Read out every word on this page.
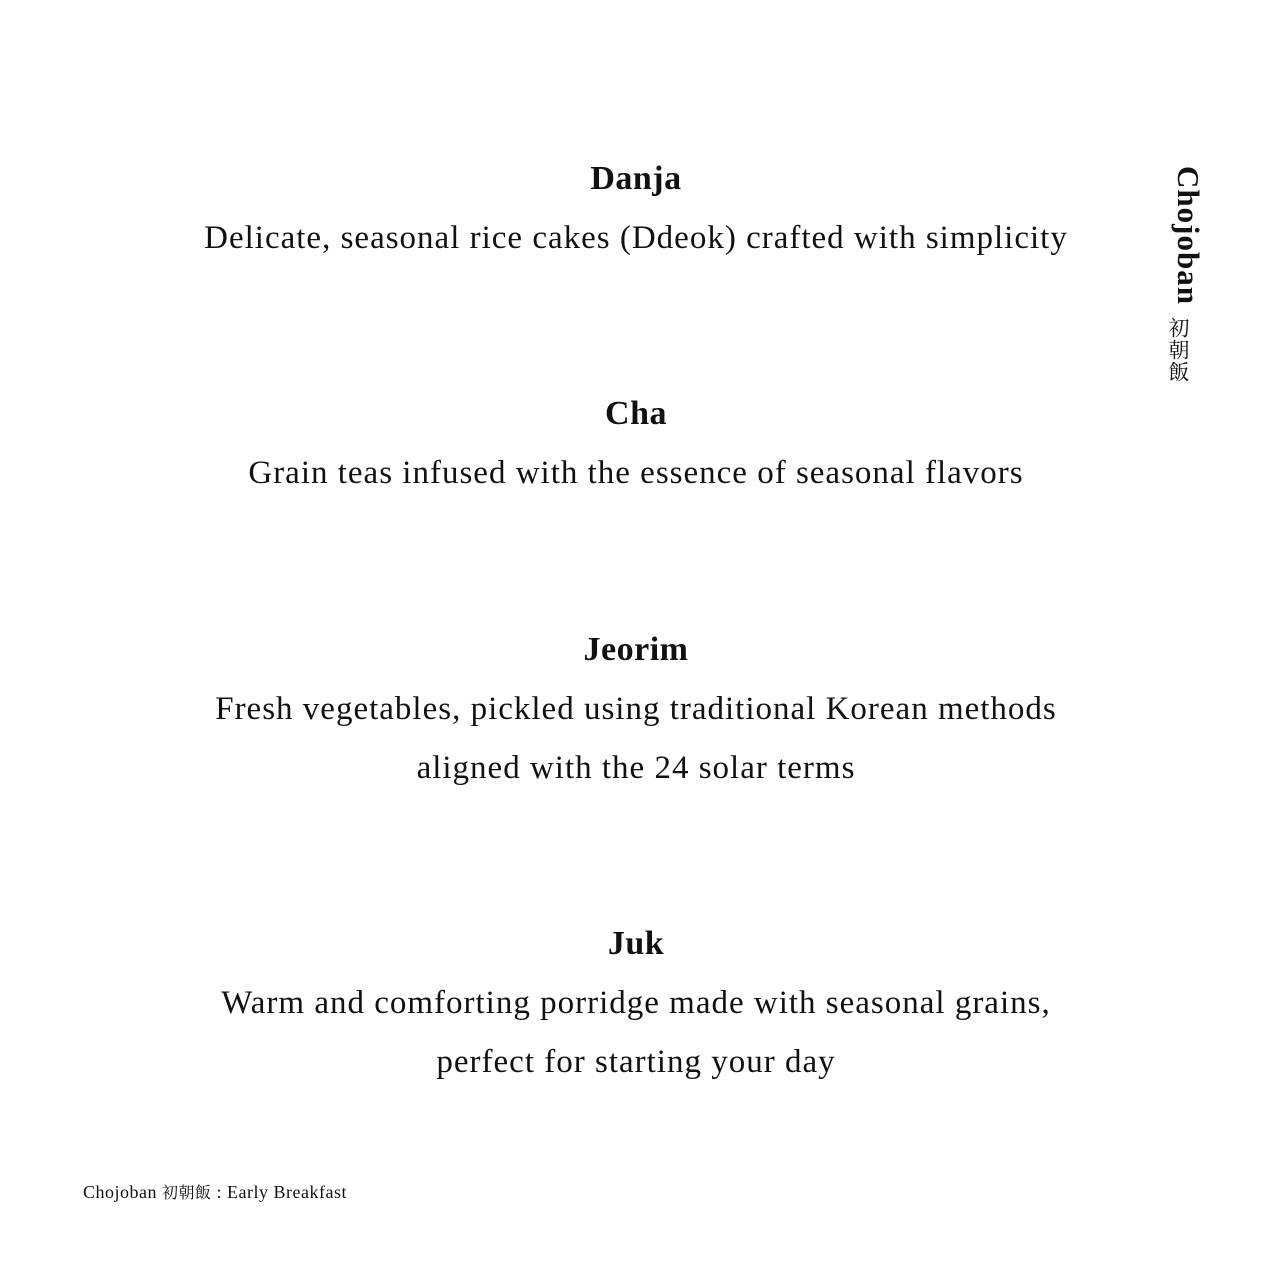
Danja

Delicate, seasonal rice cakes (Ddeok) crafted with simplicity

Cha

Grain teas infused with the essence of seasonal flavors

Jeorim

Fresh vegetables, pickled using traditional Korean methods
aligned with the 24 solar terms

Juk

Warm and comforting porridge made with seasonal grains,
perfect for starting your day

Chojoban 初朝飯
Chojoban 初朝飯 : Early Breakfast
